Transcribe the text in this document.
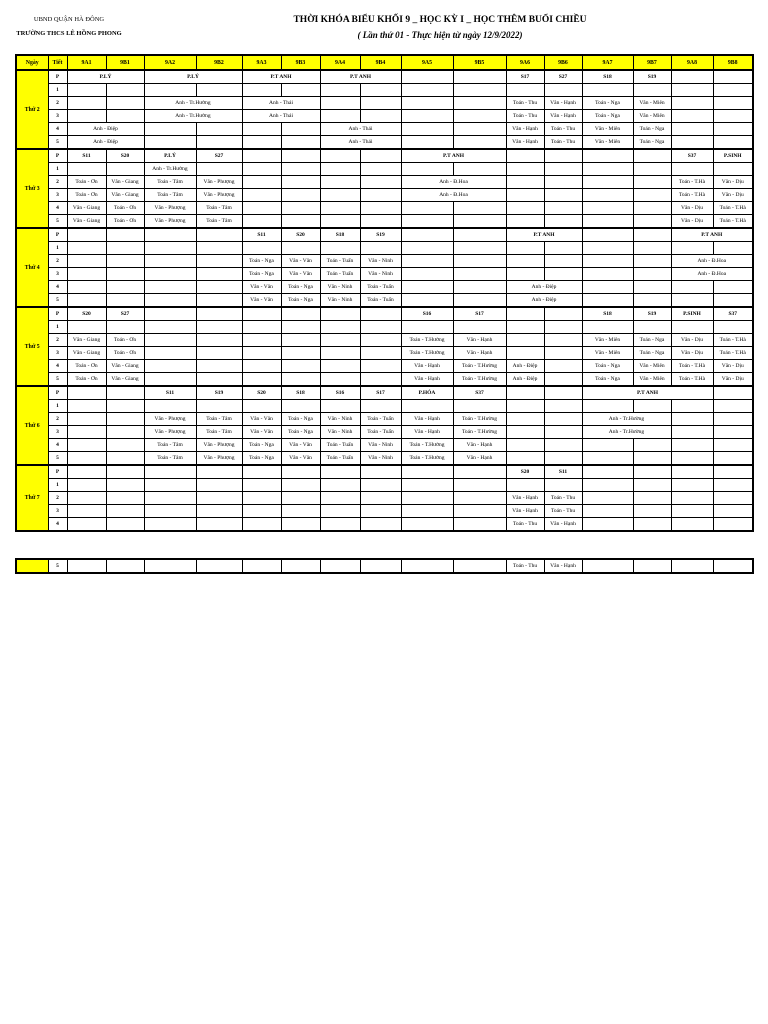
UBND QUẬN HÀ ĐÔNG
TRƯỜNG THCS LÊ HỒNG PHONG
THỜI KHÓA BIỂU KHỐI 9 _ HỌC KỲ I _ HỌC THÊM BUỔI CHIỀU
( Lần thứ 01 - Thực hiện từ ngày 12/9/2022)
Ngày	Tiết	9A1	9B1	9A2	9B2	9A3	9B3	9A4	9B4	9A5	9B5	9A6	9B6	9A7	9B7	9A8	9B8
Thứ 2	P	P.LÝ		P.LÝ		P.T ANH		P.T ANH				S17	S27	S18	S19		
	1																
	2			Anh - Tr.Hường		Anh - Thái						Toán - Thu	Văn - Hạnh	Toán - Nga	Văn - Miên		
	3			Anh - Tr.Hường		Anh - Thái						Toán - Thu	Văn - Hạnh	Toán - Nga	Văn - Miên		
	4	Anh - Điệp						Anh - Thái				Văn - Hạnh	Toán - Thu	Văn - Miên	Toán - Nga		
	5	Anh - Điệp						Anh - Thái				Văn - Hạnh	Toán - Thu	Văn - Miên	Toán - Nga		
Thứ 3	P	S11	S20	P.LÝ	S27					P.T ANH						S37	P.SINH
	1			Anh - Tr.Hường													
	2	Toán - Ơn	Văn - Giang	Toán - Tâm	Văn - Phượng					Anh - Đ.Hoa						Toán - T.Hà	Văn - Dịu
	3	Toán - Ơn	Văn - Giang	Toán - Tâm	Văn - Phượng					Anh - Đ.Hoa						Toán - T.Hà	Văn - Dịu
	4	Văn - Giang	Toán - Ơn	Văn - Phượng	Toán - Tâm											Văn - Dịu	Toán - T.Hà
	5	Văn - Giang	Toán - Ơn	Văn - Phượng	Toán - Tâm											Văn - Dịu	Toán - T.Hà
Thứ 4	P					S11	S20	S18	S19			P.T ANH				P.T ANH	
	1																
	2					Toán - Nga	Văn - Vân	Toán - Tuấn	Văn - Ninh							Anh - Đ.Hoa	
	3					Toán - Nga	Văn - Vân	Toán - Tuấn	Văn - Ninh							Anh - Đ.Hoa	
	4					Văn - Vân	Toán - Nga	Văn - Ninh	Toán - Tuấn			Anh - Điệp					
	5					Văn - Vân	Toán - Nga	Văn - Ninh	Toán - Tuấn			Anh - Điệp					
Thứ 5	P	S20	S27							S16	S17			S18	S19	P.SINH	S37
	1																
	2	Văn - Giang	Toán - Ơn							Toán - T.Hường	Văn - Hạnh			Văn - Miên	Toán - Nga	Văn - Dịu	Toán - T.Hà
	3	Văn - Giang	Toán - Ơn							Toán - T.Hường	Văn - Hạnh			Văn - Miên	Toán - Nga	Văn - Dịu	Toán - T.Hà
	4	Toán - Ơn	Văn - Giang							Văn - Hạnh	Toán - T.Hường	Anh - Điệp		Toán - Nga	Văn - Miên	Toán - T.Hà	Văn - Dịu
	5	Toán - Ơn	Văn - Giang							Văn - Hạnh	Toán - T.Hường	Anh - Điệp		Toán - Nga	Văn - Miên	Toán - T.Hà	Văn - Dịu
Thứ 6	P			S11	S19	S20	S18	S16	S17	P.HÓA	S37			P.T ANH			
	1																
	2			Văn - Phượng	Toán - Tâm	Văn - Vân	Toán - Nga	Văn - Ninh	Toán - Tuấn	Văn - Hạnh	Toán - T.Hường			Anh - Tr.Hường			
	3			Văn - Phượng	Toán - Tâm	Văn - Vân	Toán - Nga	Văn - Ninh	Toán - Tuấn	Văn - Hạnh	Toán - T.Hường			Anh - Tr.Hường			
	4			Toán - Tâm	Văn - Phượng	Toán - Nga	Văn - Vân	Toán - Tuấn	Văn - Ninh	Toán - T.Hường	Văn - Hạnh						
	5			Toán - Tâm	Văn - Phượng	Toán - Nga	Văn - Vân	Toán - Tuấn	Văn - Ninh	Toán - T.Hường	Văn - Hạnh						
Thứ 7	P											S20	S11				
	1																
	2											Văn - Hạnh	Toán - Thu				
	3											Văn - Hạnh	Toán - Thu				
	4											Toán - Thu	Văn - Hạnh				
	5											Toán - Thu	Văn - Hạnh				
